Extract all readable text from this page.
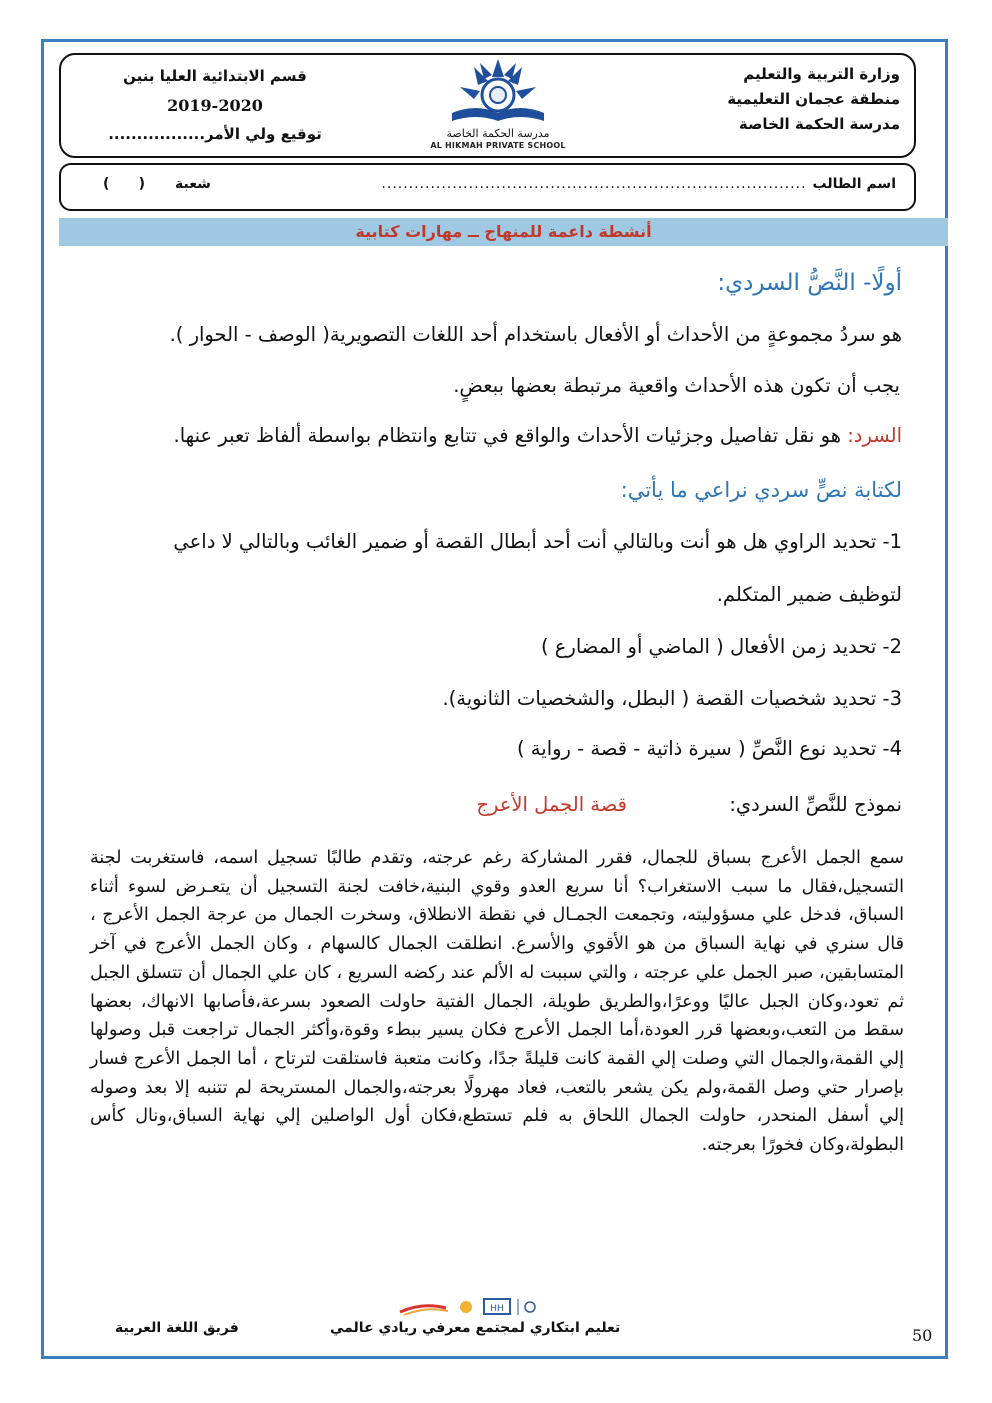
وزارة التربية والتعليم
منطقة عجمان التعليمية
مدرسة الحكمة الخاصة
قسم الابتدائية العليا بنين
2019-2020
توقيع ولي الأمر.................	مدرسة الحكمة الخاصة
AL HIKMAH PRIVATE SCHOOL
اسم الطالب
..............................................................................
شعبة
(      )
أنشطة داعمة للمنهاج ــ مهارات كتابية
أولًا- النَّصُّ السردي:
هو سردُ مجموعةٍ من الأحداث أو الأفعال باستخدام أحد اللغات التصويرية( الوصف - الحوار ).
يجب أن تكون هذه الأحداث واقعية مرتبطة بعضها ببعضٍ.
السرد: هو نقل تفاصيل وجزئيات الأحداث والواقع في تتابع وانتظام بواسطة ألفاظ تعبر عنها.
لكتابة نصٍّ سردي نراعي ما يأتي:
1- تحديد الراوي هل هو أنت وبالتالي أنت أحد أبطال القصة أو ضمير الغائب وبالتالي لا داعي
لتوظيف ضمير المتكلم.
2- تحديد زمن الأفعال ( الماضي أو المضارع )
3- تحديد شخصيات القصة ( البطل، والشخصيات الثانوية).
4- تحديد نوع النَّصِّ ( سيرة ذاتية - قصة - رواية )
نموذج للنَّصِّ السردي:
قصة الجمل الأعرج
سمع الجمل الأعرج بسباق للجمال، فقرر المشاركة رغم عرجته، وتقدم طالبًا تسجيل اسمه، فاستغربت لجنة التسجيل،فقال ما سبب الاستغراب؟ أنا سريع العدو وقوي البنية،خافت لجنة التسجيل أن يتعـرض لسوء أثناء السباق، فدخل علي مسؤوليته، وتجمعت الجمـال في نقطة الانطلاق، وسخرت الجمال من عرجة الجمل الأعرج ، قال سنري في نهاية السباق من هو الأقوي والأسرع. انطلقت الجمال كالسهام ، وكان الجمل الأعرج في آخر المتسابقين، صبر الجمل علي عرجته ، والتي سببت له الألم عند ركضه السريع ، كان علي الجمال أن تتسلق الجبل ثم تعود،وكان الجبل عاليًا ووعرًا،والطريق طويلة، الجمال الفتية حاولت الصعود بسرعة،فأصابها الانهاك، بعضها سقط من التعب،وبعضها قرر العودة،أما الجمل الأعرج فكان يسير ببطء وقوة،وأكثر الجمال تراجعت قبل وصولها إلي القمة،والجمال التي وصلت إلي القمة كانت قليلةً جدًا، وكانت متعبة فاستلقت لترتاح ، أما الجمل الأعرج فسار بإصرار حتي وصل القمة،ولم يكن يشعر بالتعب، فعاد مهرولًا بعرجته،والجمال المستريحة لم تتنبه إلا بعد وصوله إلي أسفل المنحدر، حاولت الجمال اللحاق به فلم تستطع،فكان أول الواصلين إلي نهاية السباق،ونال كأس البطولة،وكان فخورًا بعرجته.
HH
تعليم ابتكاري لمجتمع معرفي ريادي عالمي
فريق اللغة العربية	50
